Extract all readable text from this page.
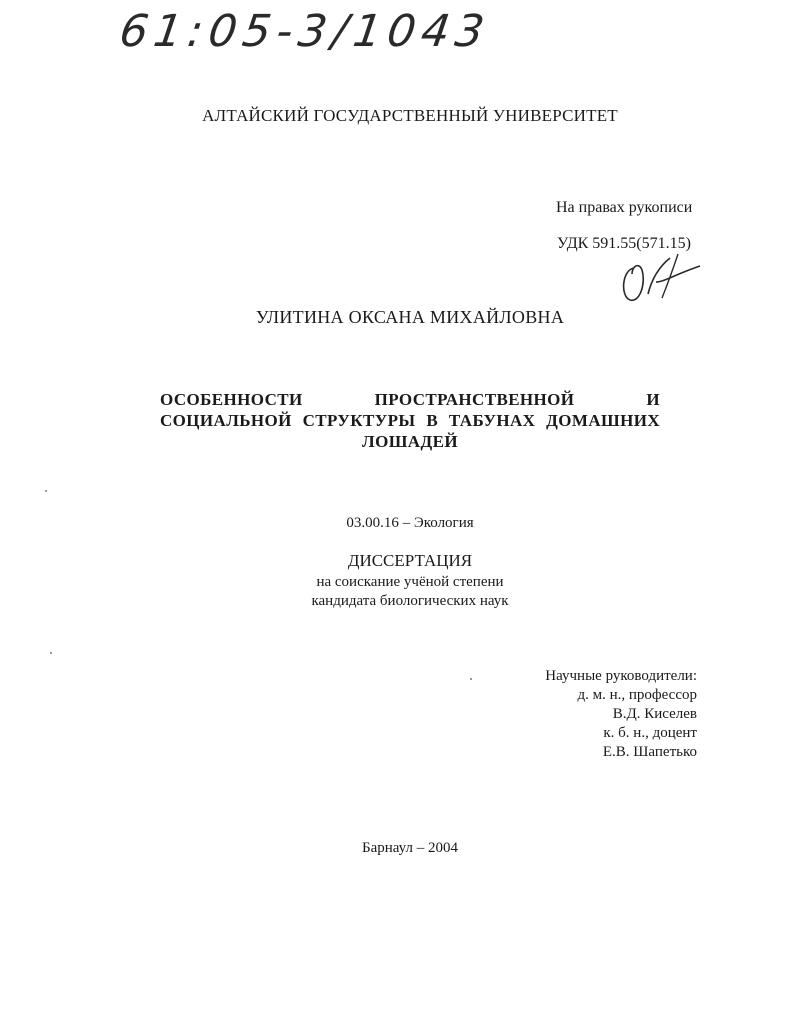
61:05-3/1043
АЛТАЙСКИЙ ГОСУДАРСТВЕННЫЙ УНИВЕРСИТЕТ
На правах рукописи
УДК 591.55(571.15)
УЛИТИНА ОКСАНА МИХАЙЛОВНА
ОСОБЕННОСТИ ПРОСТРАНСТВЕННОЙ И СОЦИАЛЬНОЙ СТРУКТУРЫ В ТАБУНАХ ДОМАШНИХ ЛОШАДЕЙ
03.00.16 – Экология
ДИССЕРТАЦИЯ
на соискание учёной степени
кандидата биологических наук
Научные руководители:
д. м. н., профессор
В.Д. Киселев
к. б. н., доцент
Е.В. Шапетько
Барнаул – 2004
